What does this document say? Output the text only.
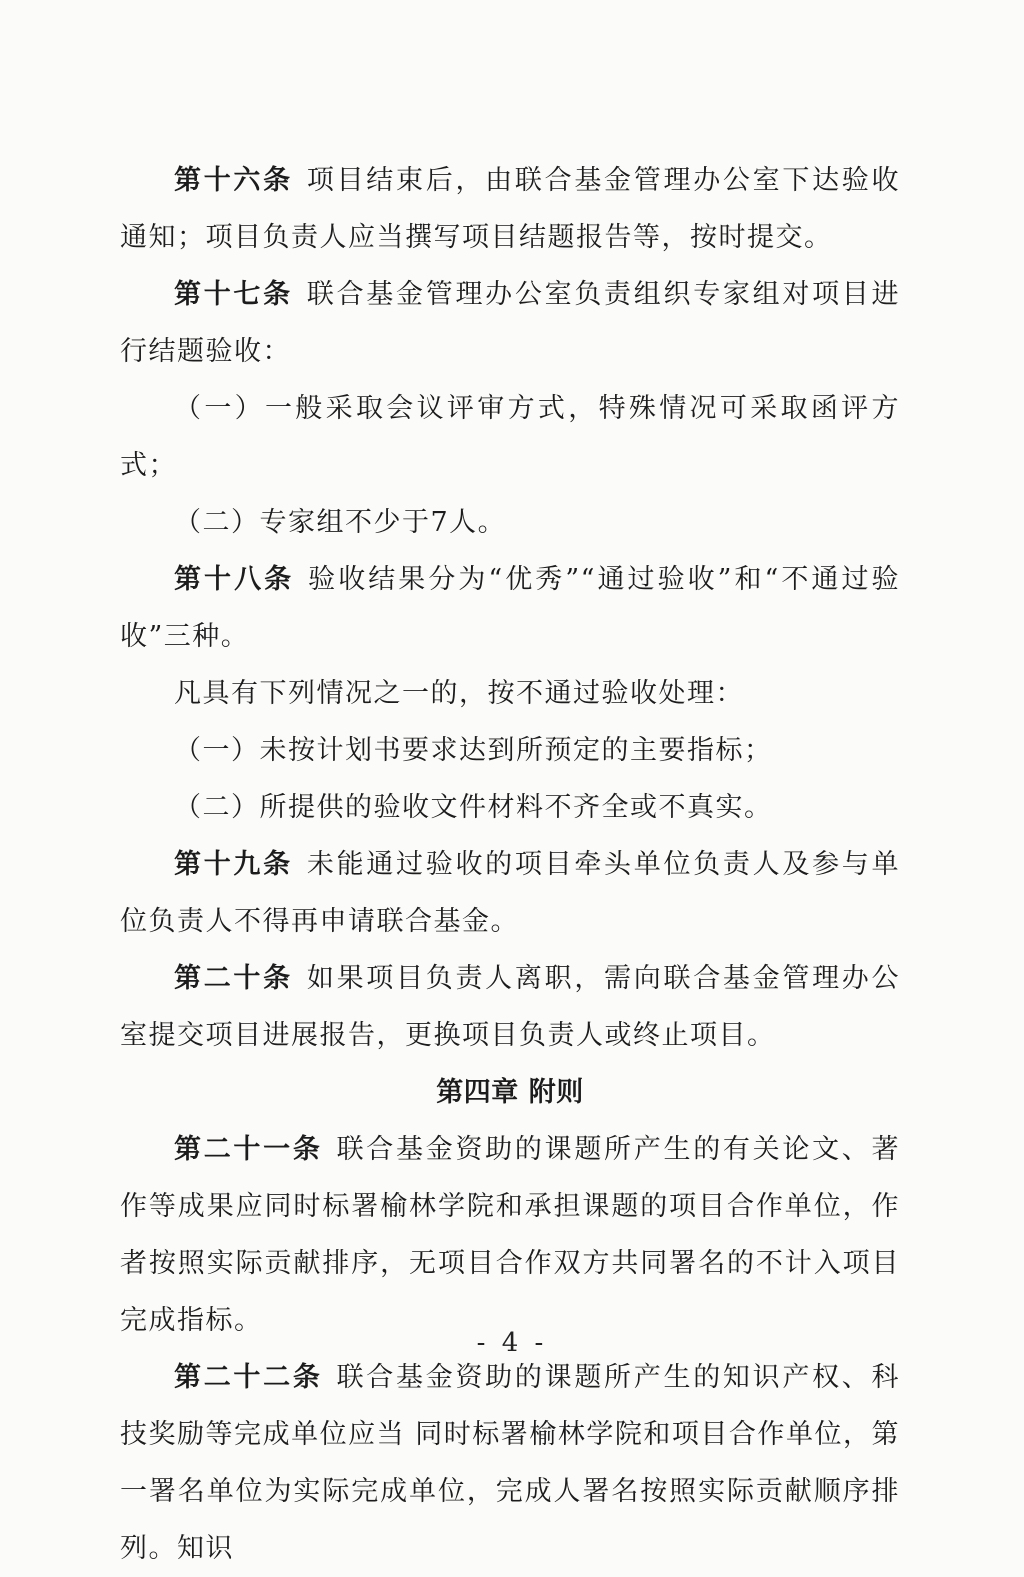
第十六条 项目结束后，由联合基金管理办公室下达验收通知；项目负责人应当撰写项目结题报告等，按时提交。

第十七条 联合基金管理办公室负责组织专家组对项目进行结题验收：

（一）一般采取会议评审方式，特殊情况可采取函评方式；

（二）专家组不少于7人。

第十八条 验收结果分为“优秀”“通过验收”和“不通过验收”三种。

凡具有下列情况之一的，按不通过验收处理：

（一）未按计划书要求达到所预定的主要指标；

（二）所提供的验收文件材料不齐全或不真实。

第十九条 未能通过验收的项目牵头单位负责人及参与单位负责人不得再申请联合基金。

第二十条 如果项目负责人离职，需向联合基金管理办公室提交项目进展报告，更换项目负责人或终止项目。

第四章 附则

第二十一条 联合基金资助的课题所产生的有关论文、著作等成果应同时标署榆林学院和承担课题的项目合作单位，作者按照实际贡献排序，无项目合作双方共同署名的不计入项目完成指标。

第二十二条 联合基金资助的课题所产生的知识产权、科技奖励等完成单位应当 同时标署榆林学院和项目合作单位，第一署名单位为实际完成单位，完成人署名按照实际贡献顺序排列。知识

- 4 -
